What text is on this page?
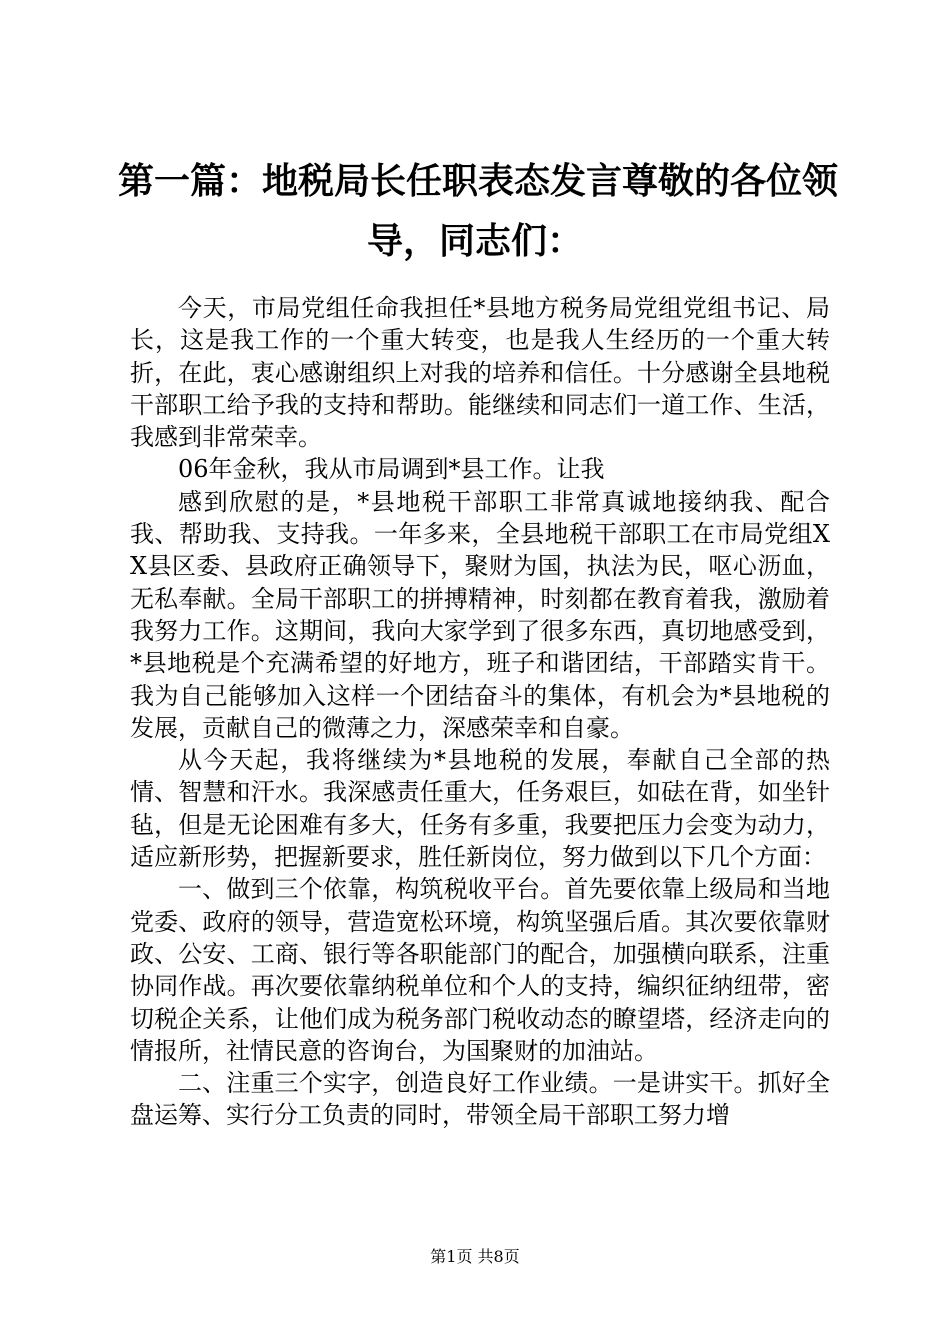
第一篇：地税局长任职表态发言尊敬的各位领
导，同志们：

今天，市局党组任命我担任*县地方税务局党组党组书记、局长，这是我工作的一个重大转变，也是我人生经历的一个重大转折，在此，衷心感谢组织上对我的培养和信任。十分感谢全县地税干部职工给予我的支持和帮助。能继续和同志们一道工作、生活，我感到非常荣幸。

06年金秋，我从市局调到*县工作。让我

感到欣慰的是，*县地税干部职工非常真诚地接纳我、配合我、帮助我、支持我。一年多来，全县地税干部职工在市局党组XX县区委、县政府正确领导下，聚财为国，执法为民，呕心沥血，无私奉献。全局干部职工的拼搏精神，时刻都在教育着我，激励着我努力工作。这期间，我向大家学到了很多东西，真切地感受到，*县地税是个充满希望的好地方，班子和谐团结，干部踏实肯干。我为自己能够加入这样一个团结奋斗的集体，有机会为*县地税的发展，贡献自己的微薄之力，深感荣幸和自豪。

从今天起，我将继续为*县地税的发展，奉献自己全部的热情、智慧和汗水。我深感责任重大，任务艰巨，如砝在背，如坐针毡，但是无论困难有多大，任务有多重，我要把压力会变为动力，适应新形势，把握新要求，胜任新岗位，努力做到以下几个方面：

一、做到三个依靠，构筑税收平台。首先要依靠上级局和当地党委、政府的领导，营造宽松环境，构筑坚强后盾。其次要依靠财政、公安、工商、银行等各职能部门的配合，加强横向联系，注重协同作战。再次要依靠纳税单位和个人的支持，编织征纳纽带，密切税企关系，让他们成为税务部门税收动态的瞭望塔，经济走向的情报所，社情民意的咨询台，为国聚财的加油站。

二、注重三个实字，创造良好工作业绩。一是讲实干。抓好全盘运筹、实行分工负责的同时，带领全局干部职工努力增

第1页 共8页
